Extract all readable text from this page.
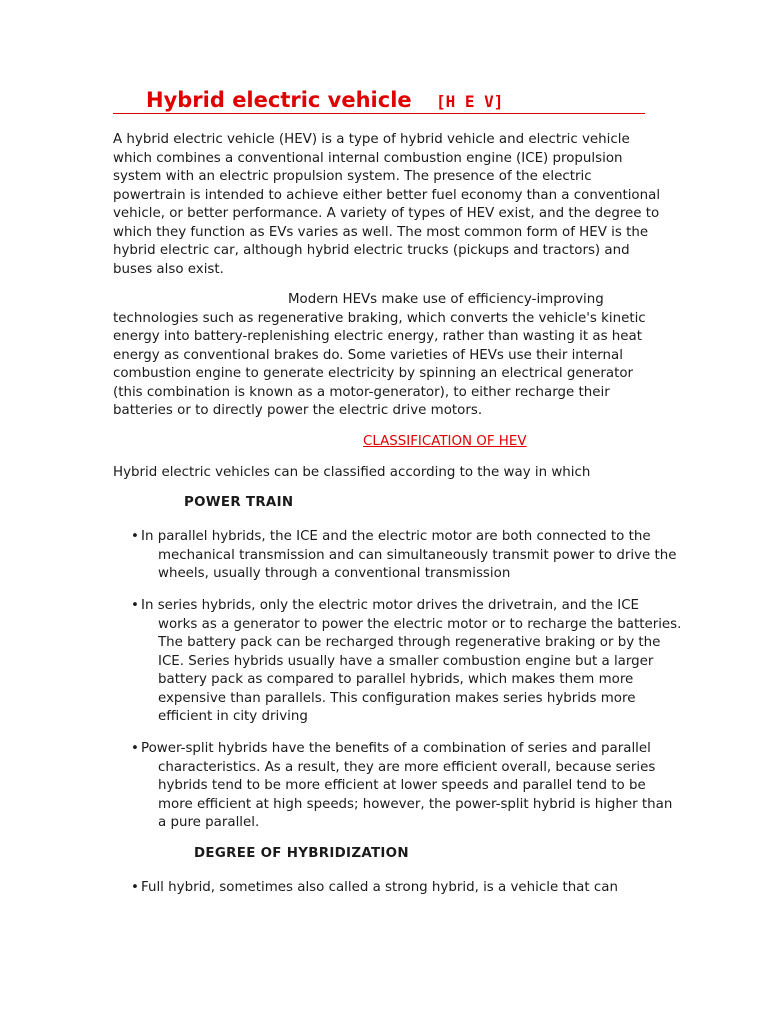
Hybrid electric vehicle [H E V]

A hybrid electric vehicle (HEV) is a type of hybrid vehicle and electric vehicle which combines a conventional internal combustion engine (ICE) propulsion system with an electric propulsion system. The presence of the electric powertrain is intended to achieve either better fuel economy than a conventional vehicle, or better performance. A variety of types of HEV exist, and the degree to which they function as EVs varies as well. The most common form of HEV is the hybrid electric car, although hybrid electric trucks (pickups and tractors) and buses also exist.

Modern HEVs make use of efficiency-improving technologies such as regenerative braking, which converts the vehicle's kinetic energy into battery-replenishing electric energy, rather than wasting it as heat energy as conventional brakes do. Some varieties of HEVs use their internal combustion engine to generate electricity by spinning an electrical generator (this combination is known as a motor-generator), to either recharge their batteries or to directly power the electric drive motors.

CLASSIFICATION OF HEV

Hybrid electric vehicles can be classified according to the way in which

POWER TRAIN

• In parallel hybrids, the ICE and the electric motor are both connected to the mechanical transmission and can simultaneously transmit power to drive the wheels, usually through a conventional transmission

• In series hybrids, only the electric motor drives the drivetrain, and the ICE works as a generator to power the electric motor or to recharge the batteries. The battery pack can be recharged through regenerative braking or by the ICE. Series hybrids usually have a smaller combustion engine but a larger battery pack as compared to parallel hybrids, which makes them more expensive than parallels. This configuration makes series hybrids more efficient in city driving

• Power-split hybrids have the benefits of a combination of series and parallel characteristics. As a result, they are more efficient overall, because series hybrids tend to be more efficient at lower speeds and parallel tend to be more efficient at high speeds; however, the power-split hybrid is higher than a pure parallel.

DEGREE OF HYBRIDIZATION

• Full hybrid, sometimes also called a strong hybrid, is a vehicle that can
